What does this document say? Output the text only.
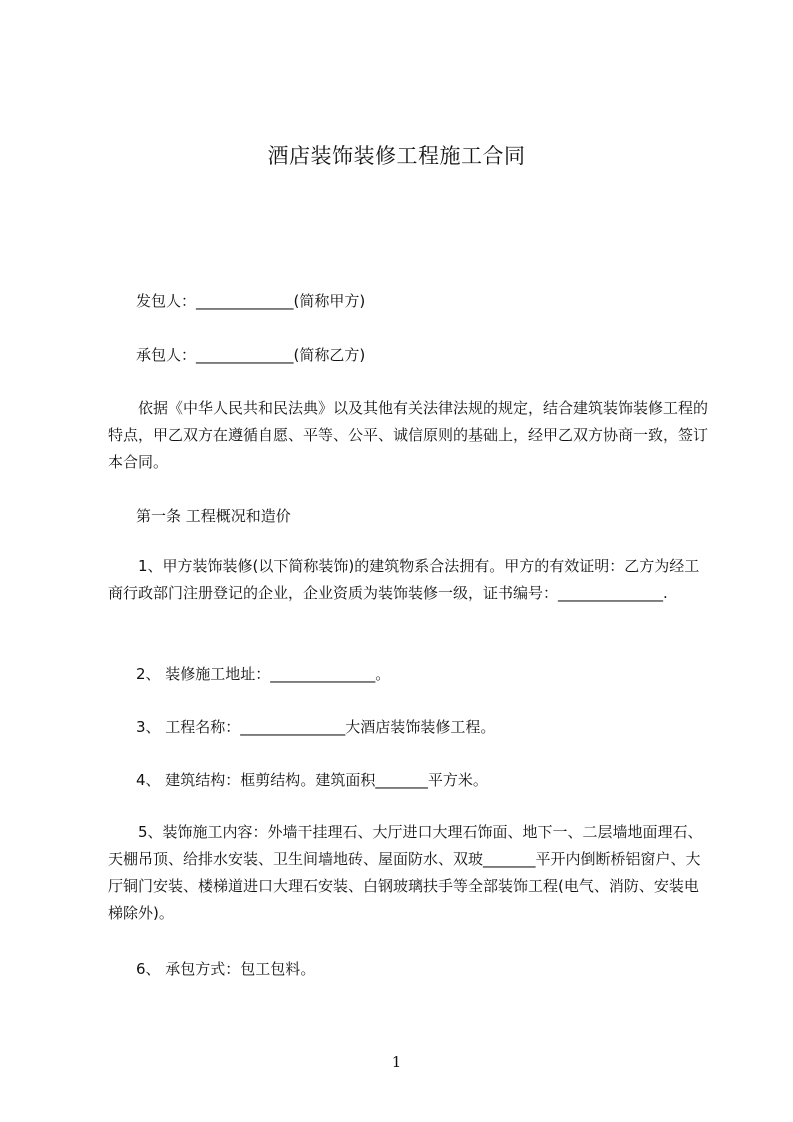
酒店装饰装修工程施工合同
发包人：_____________(简称甲方)
承包人：_____________(简称乙方)
依据《中华人民共和民法典》以及其他有关法律法规的规定，结合建筑装饰装修工程的特点，甲乙双方在遵循自愿、平等、公平、诚信原则的基础上，经甲乙双方协商一致，签订本合同。
第一条 工程概况和造价
1、甲方装饰装修(以下简称装饰)的建筑物系合法拥有。甲方的有效证明：乙方为经工商行政部门注册登记的企业，企业资质为装饰装修一级，证书编号：______________.
2、 装修施工地址：______________。
3、 工程名称：______________大酒店装饰装修工程。
4、 建筑结构：框剪结构。建筑面积_______平方米。
5、装饰施工内容：外墙干挂理石、大厅进口大理石饰面、地下一、二层墙地面理石、天棚吊顶、给排水安装、卫生间墙地砖、屋面防水、双玻_______平开内倒断桥铝窗户、大厅铜门安装、楼梯道进口大理石安装、白钢玻璃扶手等全部装饰工程(电气、消防、安装电梯除外)。
6、 承包方式：包工包料。
1
